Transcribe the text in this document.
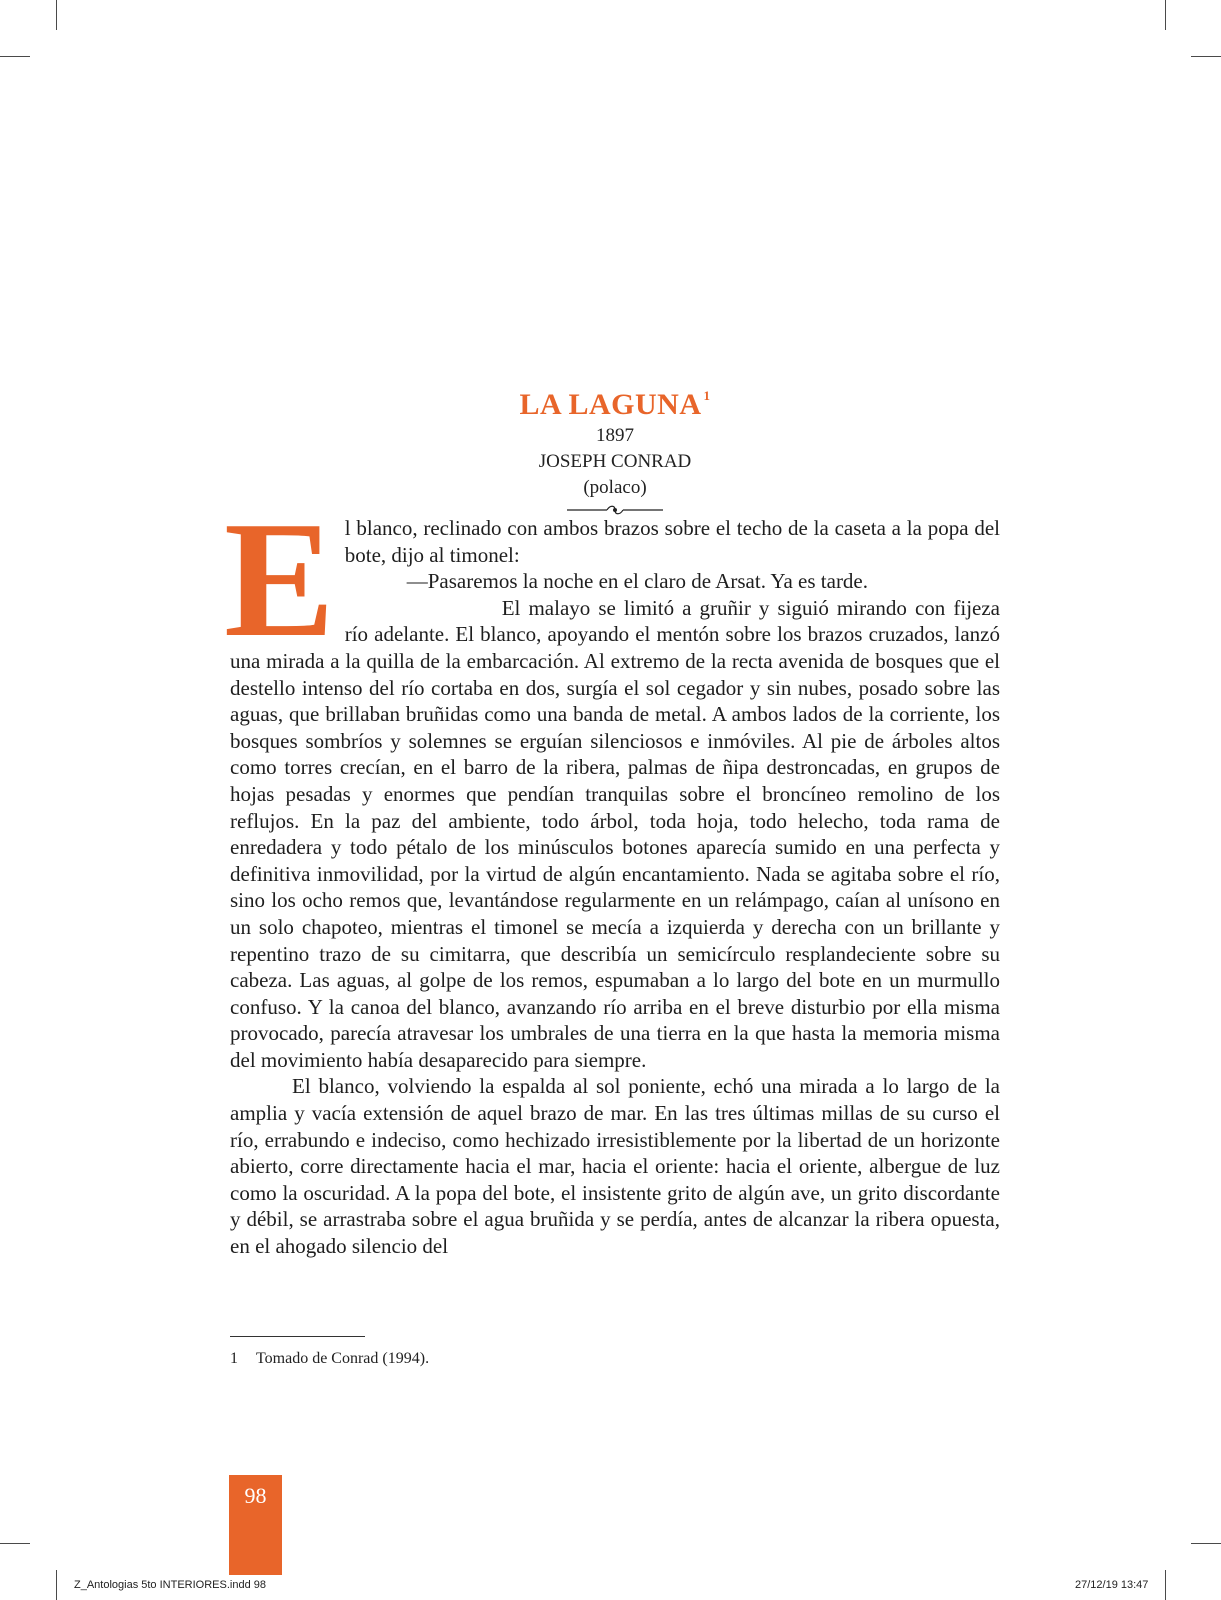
LA LAGUNA $^1$
1897
JOSEPH CONRAD
(polaco)
E l blanco, reclinado con ambos brazos sobre el techo de la caseta a la popa del bote, dijo al timonel:

—Pasaremos la noche en el claro de Arsat. Ya es tarde.

El malayo se limitó a gruñir y siguió mirando con fijeza río adelante. El blanco, apoyando el mentón sobre los brazos cruzados, lanzó una mirada a la quilla de la embarcación. Al extremo de la recta avenida de bosques que el destello intenso del río cortaba en dos, surgía el sol cegador y sin nubes, posado sobre las aguas, que brillaban bruñidas como una banda de metal. A ambos lados de la corriente, los bosques sombríos y solemnes se erguían silenciosos e inmóviles. Al pie de árboles altos como torres crecían, en el barro de la ribera, palmas de ñipa destroncadas, en grupos de hojas pesadas y enormes que pendían tranquilas sobre el broncíneo remolino de los reflujos. En la paz del ambiente, todo árbol, toda hoja, todo helecho, toda rama de enredadera y todo pétalo de los minúsculos botones aparecía sumido en una perfecta y definitiva inmovilidad, por la virtud de algún encantamiento. Nada se agitaba sobre el río, sino los ocho remos que, levantándose regularmente en un relámpago, caían al unísono en un solo chapoteo, mientras el timonel se mecía a izquierda y derecha con un brillante y repentino trazo de su cimitarra, que describía un semicírculo resplandeciente sobre su cabeza. Las aguas, al golpe de los remos, espumaban a lo largo del bote en un murmullo confuso. Y la canoa del blanco, avanzando río arriba en el breve disturbio por ella misma provocado, parecía atravesar los umbrales de una tierra en la que hasta la memoria misma del movimiento había desaparecido para siempre.

El blanco, volviendo la espalda al sol poniente, echó una mirada a lo largo de la amplia y vacía extensión de aquel brazo de mar. En las tres últimas millas de su curso el río, errabundo e indeciso, como hechizado irresistiblemente por la libertad de un horizonte abierto, corre directamente hacia el mar, hacia el oriente: hacia el oriente, albergue de luz como la oscuridad. A la popa del bote, el insistente grito de algún ave, un grito discordante y débil, se arrastraba sobre el agua bruñida y se perdía, antes de alcanzar la ribera opuesta, en el ahogado silencio del

1 Tomado de Conrad (1994).
98
Z_Antologias 5to INTERIORES.indd 98	27/12/19 13:47
